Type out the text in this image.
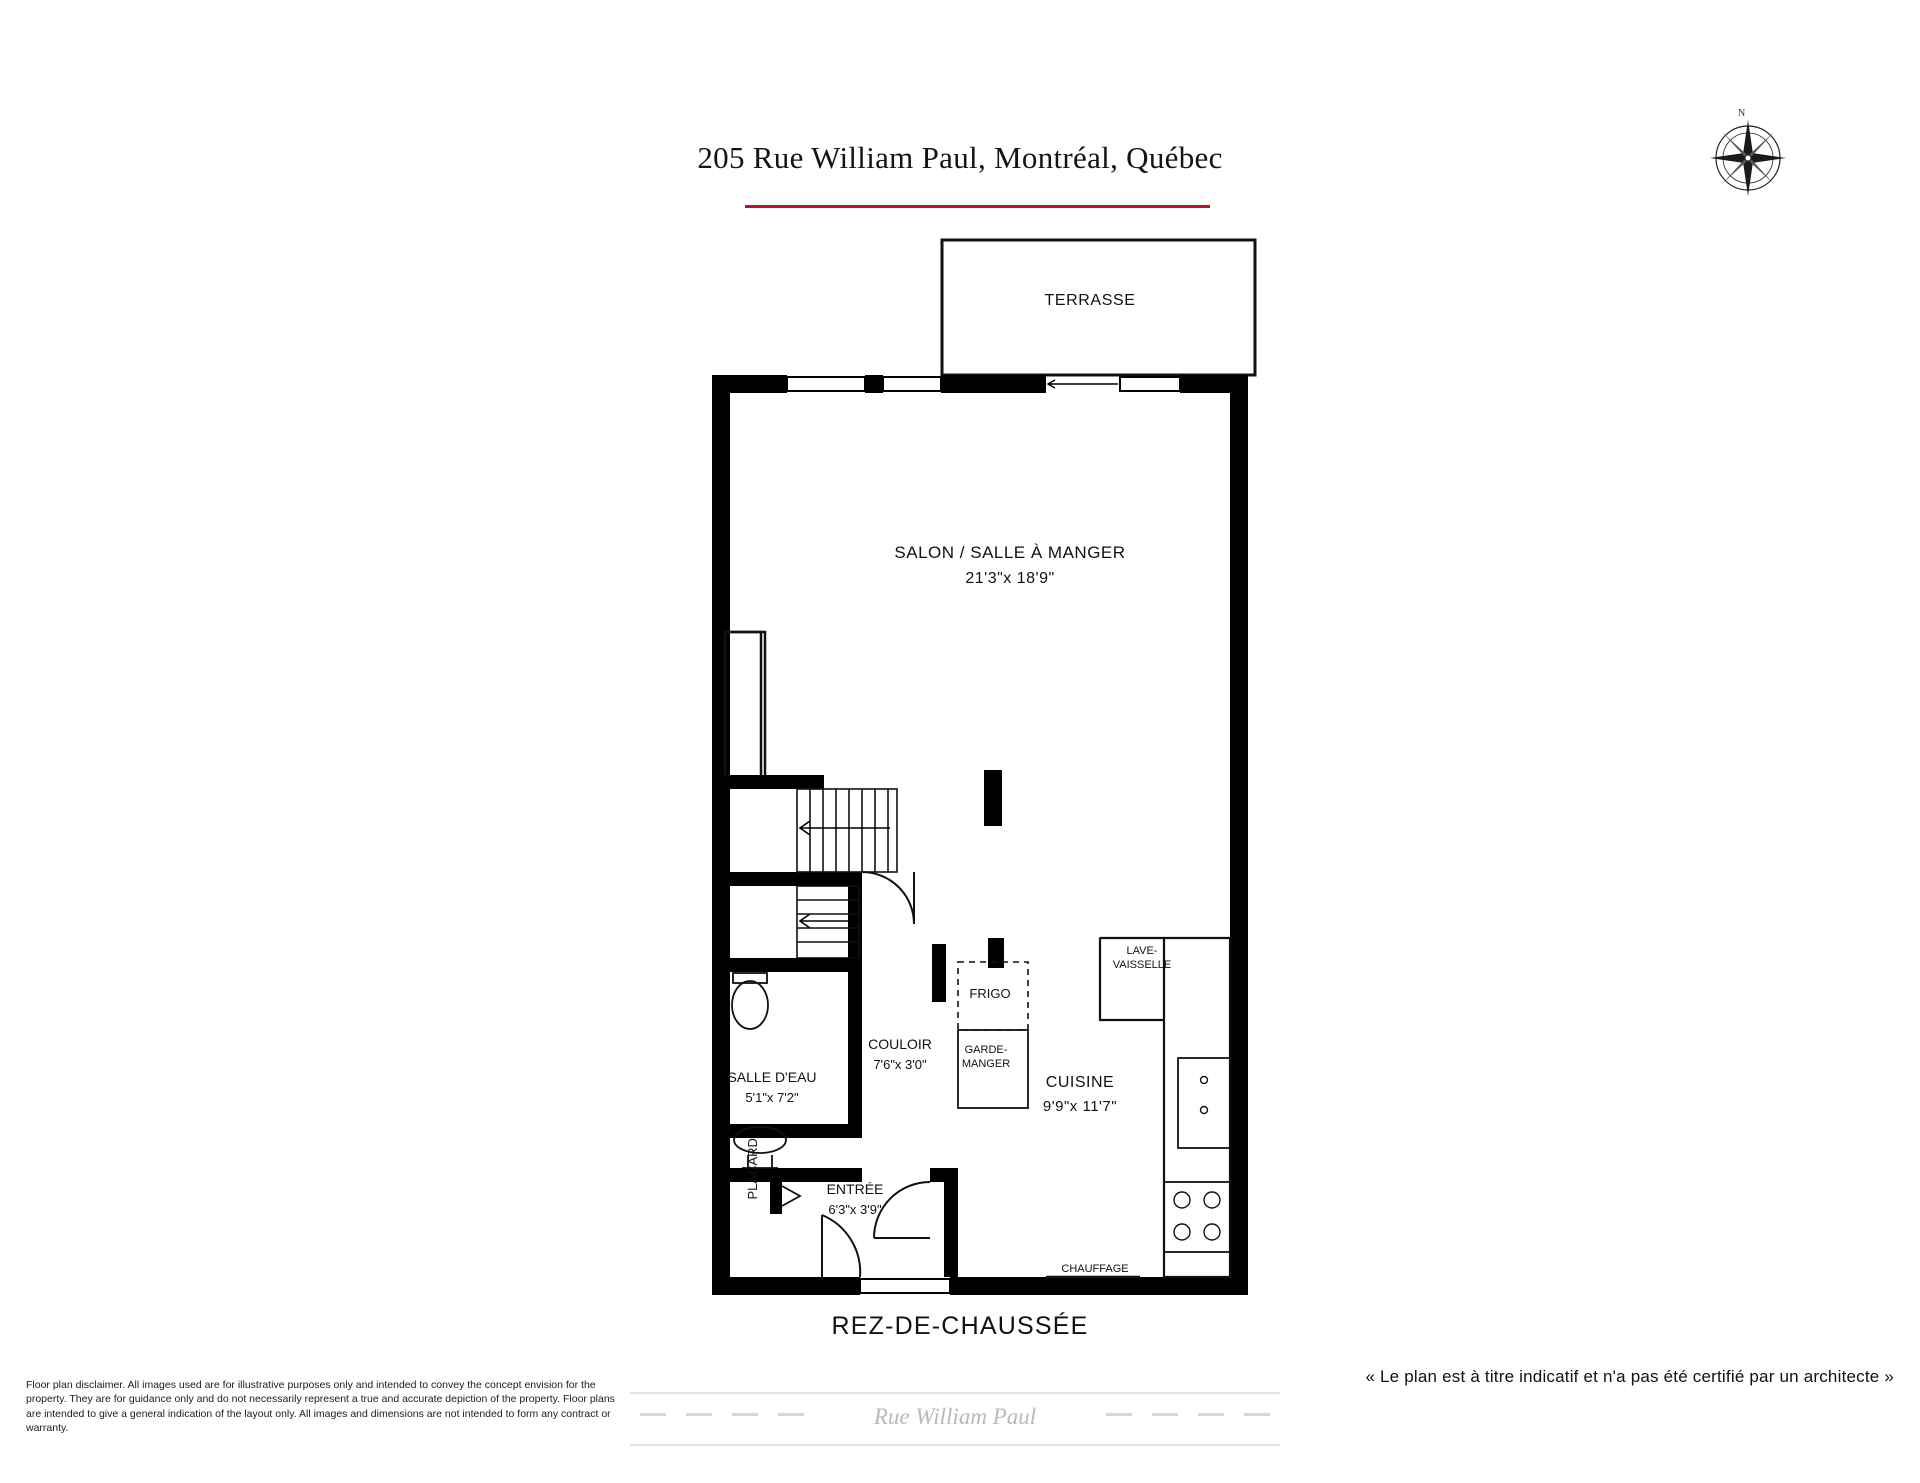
205 Rue William Paul, Montréal, Québec
N
TERRASSE
SALON / SALLE À MANGER
21'3"x 18'9"
CUISINE
9'9"x 11'7"
COULOIR
7'6"x 3'0"
SALLE D'EAU
5'1"x 7'2"
ENTRÉE
6'3"x 3'9"
FRIGO
GARDE-
MANGER
LAVE-
VAISSELLE
CHAUFFAGE
PLACARD
REZ-DE-CHAUSSÉE
Floor plan disclaimer. All images used are for illustrative purposes only and intended to convey the concept envision for the property. They are for guidance only and do not necessarily represent a true and accurate depiction of the property. Floor plans are intended to give a general indication of the layout only. All images and dimensions are not intended to form any contract or warranty.
« Le plan est à titre indicatif et n'a pas été certifié par un architecte »
Rue William Paul
